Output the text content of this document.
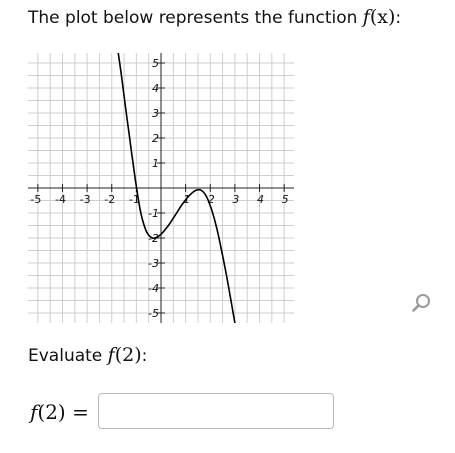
The plot below represents the function f(x):
-5 -4 -3 -2 -1	1 2 3 4 5
5
4
3
2
1
-1
-2
-3
-4
-5
Evaluate f(2):
f(2) =
